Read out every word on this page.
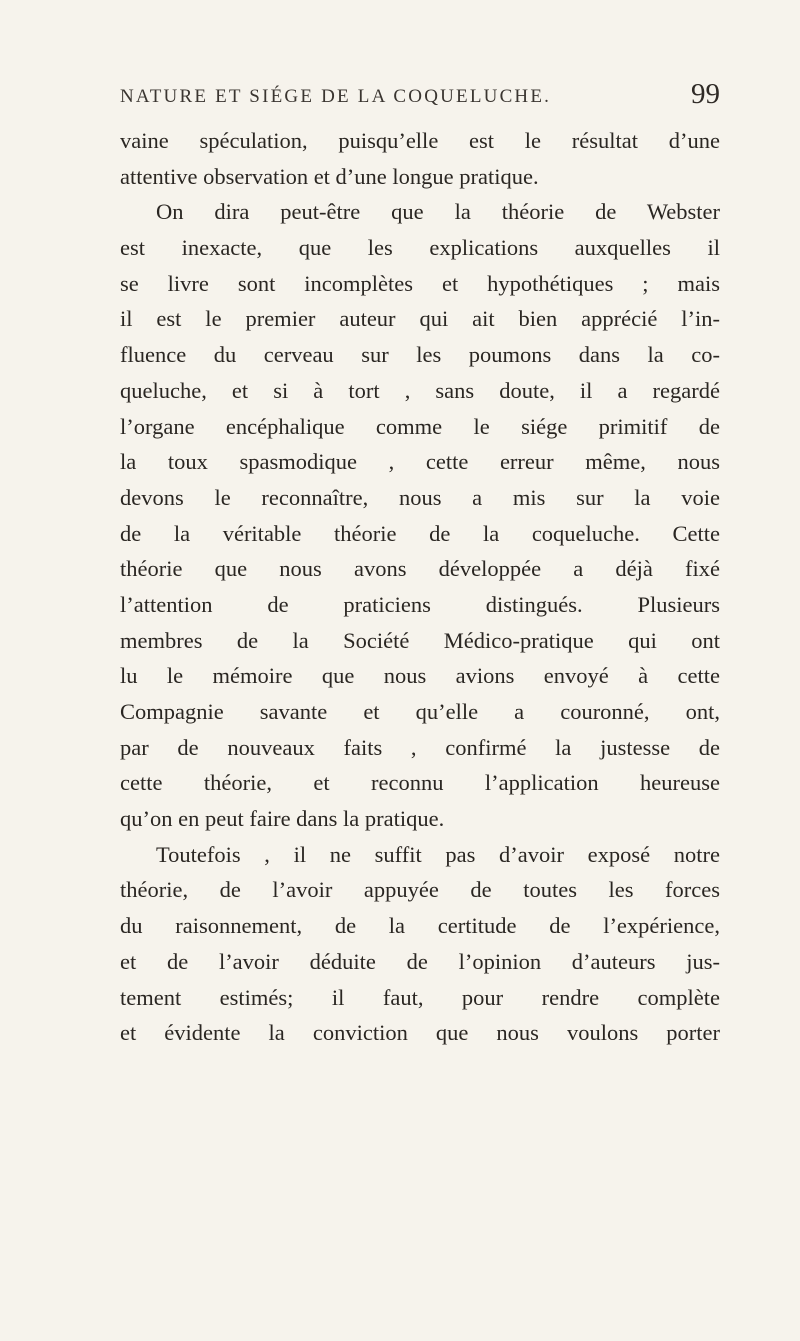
NATURE ET SIÉGE DE LA COQUELUCHE.	99
vaine spéculation, puisqu’elle est le résultat d’une
attentive observation et d’une longue pratique.
On dira peut-être que la théorie de Webster
est inexacte, que les explications auxquelles il
se livre sont incomplètes et hypothétiques ; mais
il est le premier auteur qui ait bien apprécié l’in-
fluence du cerveau sur les poumons dans la co-
queluche, et si à tort , sans doute, il a regardé
l’organe encéphalique comme le siége primitif de
la toux spasmodique , cette erreur même, nous
devons le reconnaître, nous a mis sur la voie
de la véritable théorie de la coqueluche. Cette
théorie que nous avons développée a déjà fixé
l’attention de praticiens distingués. Plusieurs
membres de la Société Médico-pratique qui ont
lu le mémoire que nous avions envoyé à cette
Compagnie savante et qu’elle a couronné, ont,
par de nouveaux faits , confirmé la justesse de
cette théorie, et reconnu l’application heureuse
qu’on en peut faire dans la pratique.
Toutefois , il ne suffit pas d’avoir exposé notre
théorie, de l’avoir appuyée de toutes les forces
du raisonnement, de la certitude de l’expérience,
et de l’avoir déduite de l’opinion d’auteurs jus-
tement estimés; il faut, pour rendre complète
et évidente la conviction que nous voulons porter
